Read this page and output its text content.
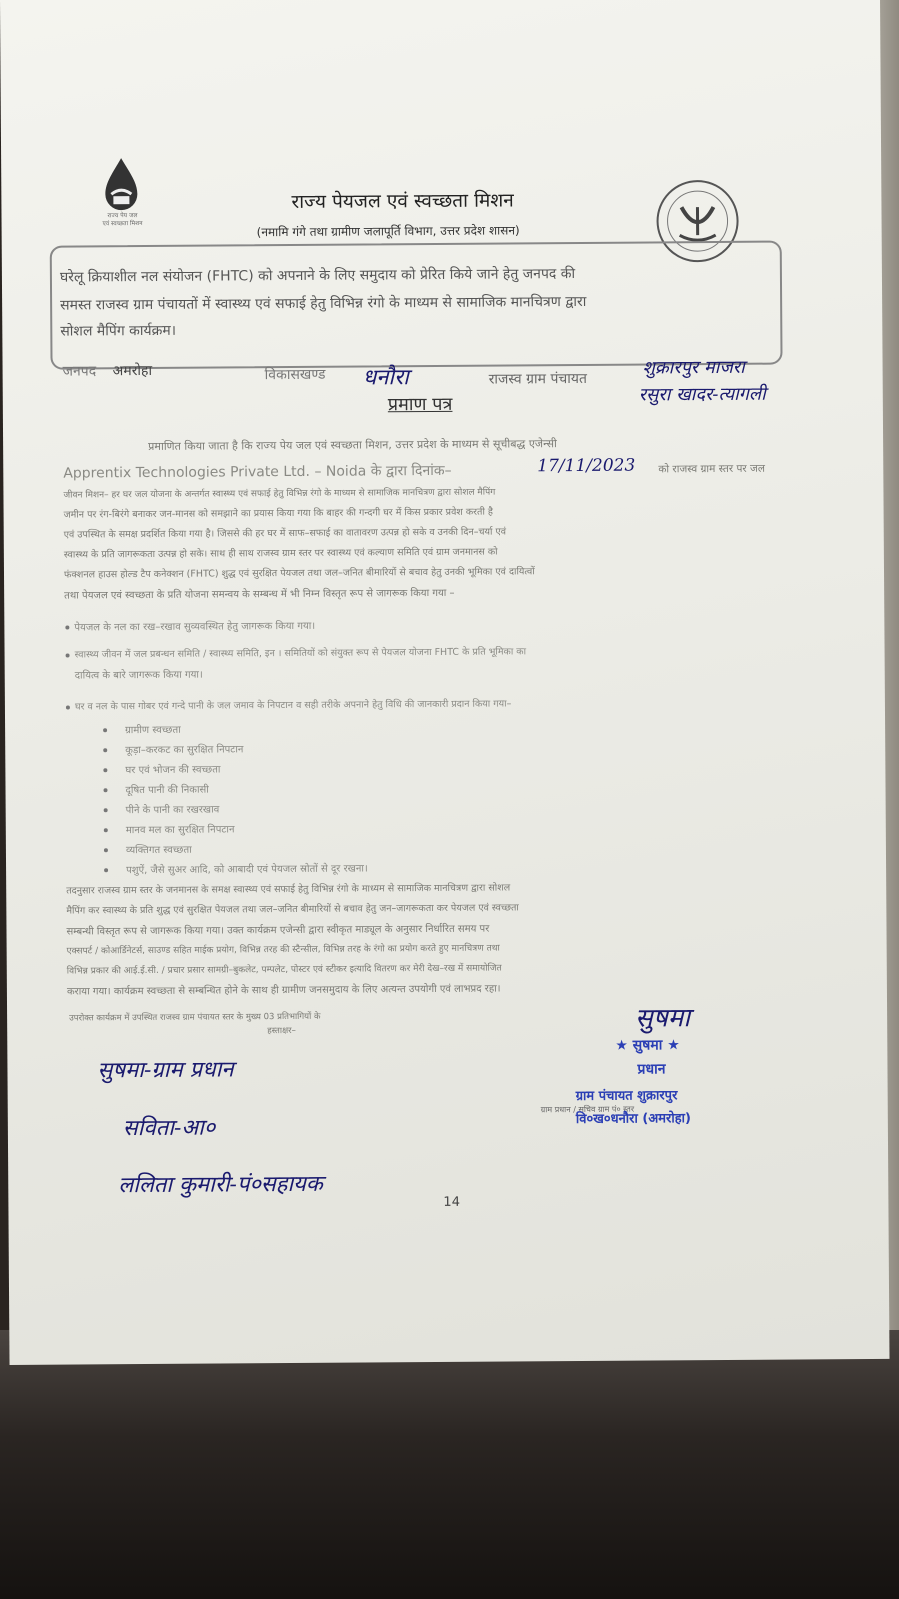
राज्य पेय जल
एवं स्वच्छता मिशन
राज्य पेयजल एवं स्वच्छता मिशन
(नमामि गंगे तथा ग्रामीण जलापूर्ति विभाग, उत्तर प्रदेश शासन)
घरेलू क्रियाशील नल संयोजन (FHTC) को अपनाने के लिए समुदाय को प्रेरित किये जाने हेतु जनपद की
समस्त राजस्व ग्राम पंचायतों में स्वास्थ्य एवं सफाई हेतु विभिन्न रंगो के माध्यम से सामाजिक मानचित्रण द्वारा
सोशल मैपिंग कार्यक्रम।
जनपद अमरोहा	विकासखण्ड धनौरा	राजस्व ग्राम पंचायत
शुक्रारपुर माजरा
रसुरा खादर-त्यागली
प्रमाण पत्र
प्रमाणित किया जाता है कि राज्य पेय जल एवं स्वच्छता मिशन, उत्तर प्रदेश के माध्यम से सूचीबद्ध एजेन्सी
Apprentix Technologies Private Ltd. – Noida के द्वारा दिनांक–	17/11/2023 को राजस्व ग्राम स्तर पर जल
जीवन मिशन– हर घर जल योजना के अन्तर्गत स्वास्थ्य एवं सफाई हेतु विभिन्न रंगो के माध्यम से सामाजिक मानचित्रण द्वारा सोशल मैपिंग
जमीन पर रंग-बिरंगे बनाकर जन-मानस को समझाने का प्रयास किया गया कि बाहर की गन्दगी घर में किस प्रकार प्रवेश करती है
एवं उपस्थित के समक्ष प्रदर्शित किया गया है। जिससे की हर घर में साफ–सफाई का वातावरण उत्पन्न हो सके व उनकी दिन–चर्या एवं
स्वास्थ्य के प्रति जागरूकता उत्पन्न हो सके। साथ ही साथ राजस्व ग्राम स्तर पर स्वास्थ्य एवं कल्याण समिति एवं ग्राम जनमानस को
फंक्शनल हाउस होल्ड टैप कनेक्शन (FHTC) शुद्ध एवं सुरक्षित पेयजल तथा जल–जनित बीमारियों से बचाव हेतु उनकी भूमिका एवं दायित्वों
तथा पेयजल एवं स्वच्छता के प्रति योजना समन्वय के सम्बन्ध में भी निम्न विस्तृत रूप से जागरूक किया गया –
पेयजल के नल का रख–रखाव सुव्यवस्थित हेतु जागरूक किया गया।
स्वास्थ्य जीवन में जल प्रबन्धन समिति / स्वास्थ्य समिति, इन । समितियों को संयुक्त रूप से पेयजल योजना FHTC के प्रति भूमिका का
दायित्व के बारे जागरूक किया गया।
घर व नल के पास गोबर एवं गन्दे पानी के जल जमाव के निपटान व सही तरीके अपनाने हेतु विधि की जानकारी प्रदान किया गया–
ग्रामीण स्वच्छता
कूड़ा–करकट का सुरक्षित निपटान
घर एवं भोजन की स्वच्छता
दूषित पानी की निकासी
पीने के पानी का रखरखाव
मानव मल का सुरक्षित निपटान
व्यक्तिगत स्वच्छता
पशुऐं, जैसे सुअर आदि, को आबादी एवं पेयजल स्रोतों से दूर रखना।
तदनुसार राजस्व ग्राम स्तर के जनमानस के समक्ष स्वास्थ्य एवं सफाई हेतु विभिन्न रंगो के माध्यम से सामाजिक मानचित्रण द्वारा सोशल
मैपिंग कर स्वास्थ्य के प्रति शुद्ध एवं सुरक्षित पेयजल तथा जल–जनित बीमारियों से बचाव हेतु जन–जागरूकता कर पेयजल एवं स्वच्छता
सम्बन्धी विस्तृत रूप से जागरूक किया गया। उक्त कार्यक्रम एजेन्सी द्वारा स्वीकृत माड्यूल के अनुसार निर्धारित समय पर
एक्सपर्ट / कोआर्डिनेटर्स, साउण्ड सहित माईक प्रयोग, विभिन्न तरह की स्टैन्सील, विभिन्न तरह के रंगो का प्रयोग करते हुए मानचित्रण तथा
विभिन्न प्रकार की आई.ई.सी. / प्रचार प्रसार सामग्री–बुकलेट, पम्पलेट, पोस्टर एवं स्टीकर इत्यादि वितरण कर मेरी देख–रख में समायोजित
कराया गया। कार्यक्रम स्वच्छता से सम्बन्धित होने के साथ ही ग्रामीण जनसमुदाय के लिए अत्यन्त उपयोगी एवं लाभप्रद रहा।
उपरोक्त कार्यक्रम में उपस्थित राजस्व ग्राम पंचायत स्तर के मुख्य 03 प्रतिभागियों के
हस्ताक्षर–
सुषमा-ग्राम प्रधान
सविता-आ०
ललिता कुमारी-पं०सहायक
सुषमा
★ सुषमा ★
प्रधान
ग्राम पंचायत शुक्रारपुर
ग्राम प्रधान / सचिव ग्राम पं० स्तर
वि०ख०धनौरा (अमरोहा)
14
